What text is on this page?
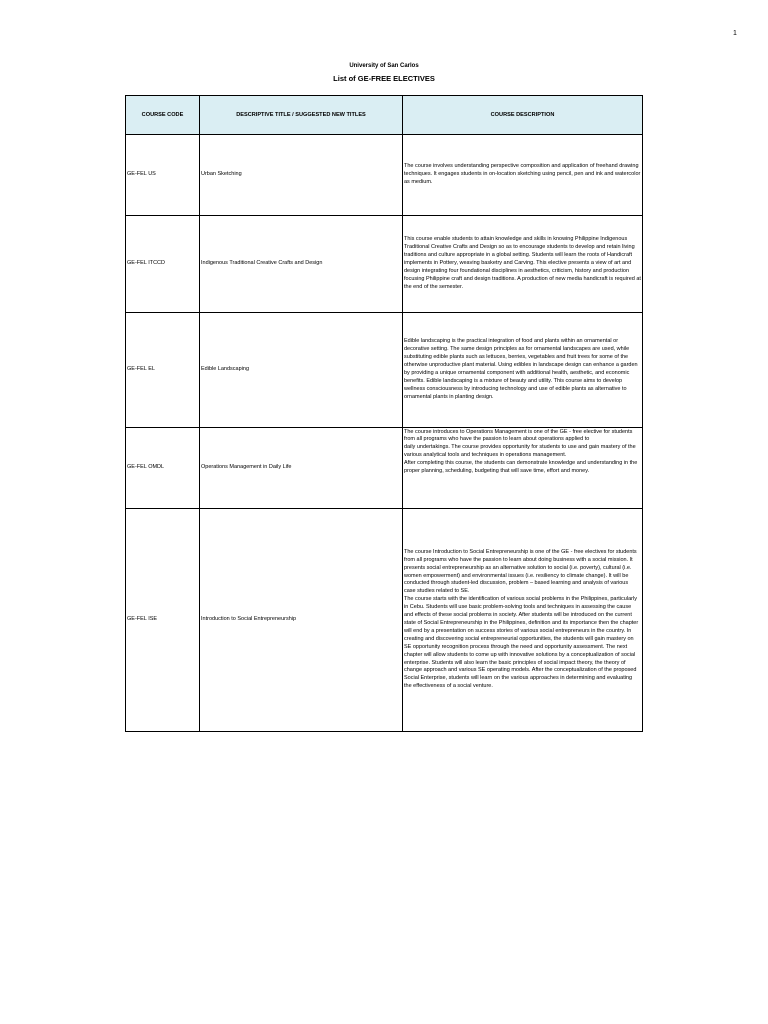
1
University of San Carlos
List of GE-FREE ELECTIVES
COURSE CODE	DESCRIPTIVE TITLE / SUGGESTED NEW TITLES	COURSE DESCRIPTION
GE-FEL US	Urban Sketching	The course involves understanding perspective composition and application of freehand drawing techniques. It engages students in on-location sketching using pencil, pen and ink and watercolor as medium.
GE-FEL ITCCD	Indigenous Traditional Creative Crafts and Design	This course enable students to attain knowledge and skills in knowing Philippine Indigenous Traditional Creative Crafts and Design so as to encourage students to develop and retain living traditions and culture appropriate in a global setting. Students will learn the roots of Handicraft implements in Pottery, weaving basketry and Carving. This elective presents a view of art and design integrating four foundational disciplines in aesthetics, criticism, history and production focusing Philippine craft and design traditions. A production of new media handicraft is required at the end of the semester.
GE-FEL EL	Edible Landscaping	Edible landscaping is the practical integration of food and plants within an ornamental or decorative setting. The same design principles as for ornamental landscapes are used, while substituting edible plants such as lettuces, berries, vegetables and fruit trees for some of the otherwise unproductive plant material. Using edibles in landscape design can enhance a garden by providing a unique ornamental component with additional health, aesthetic, and economic benefits. Edible landscaping is a mixture of beauty and utility. This course aims to develop wellness consciousness by introducing technology and use of edible plants as alternative to ornamental plants in planting design.
GE-FEL OMDL	Operations Management in Daily Life	The course introduces to Operations Management is one of the GE - free elective for students from all programs who have the passion to learn about operations applied to
daily undertakings. The course provides opportunity for students to use and gain mastery of the various analytical tools and techniques in operations management.
After completing this course, the students can demonstrate knowledge and understanding in the proper planning, scheduling, budgeting that will save time, effort and money.

GE-FEL ISE	Introduction to Social Entrepreneurship	The course Introduction to Social Entrepreneurship is one of the GE - free electives for students from all programs who have the passion to learn about doing business with a social mission. It presents social entrepreneurship as an alternative solution to social (i.e. poverty), cultural (i.e. women empowerment) and environmental issues (i.e. resiliency to climate change). It will be conducted through student-led discussion, problem – based learning and analysis of various case studies related to SE.
The course starts with the identification of various social problems in the Philippines, particularly in Cebu. Students will use basic problem-solving tools and techniques in assessing the cause and effects of these social problems in society. After students will be introduced on the current state of Social Entrepreneurship in the Philippines, definition and its importance then the chapter will end by a presentation on success stories of various social entrepreneurs in the country. In creating and discovering social entrepreneurial opportunities, the students will gain mastery on SE opportunity recognition process through the need and opportunity assessment. The next chapter will allow students to come up with innovative solutions by a conceptualization of social enterprise. Students will also learn the basic principles of social impact theory, the theory of change approach and various SE operating models. After the conceptualization of the proposed Social Enterprise, students will learn on the various approaches in determining and evaluating the effectiveness of a social venture.
